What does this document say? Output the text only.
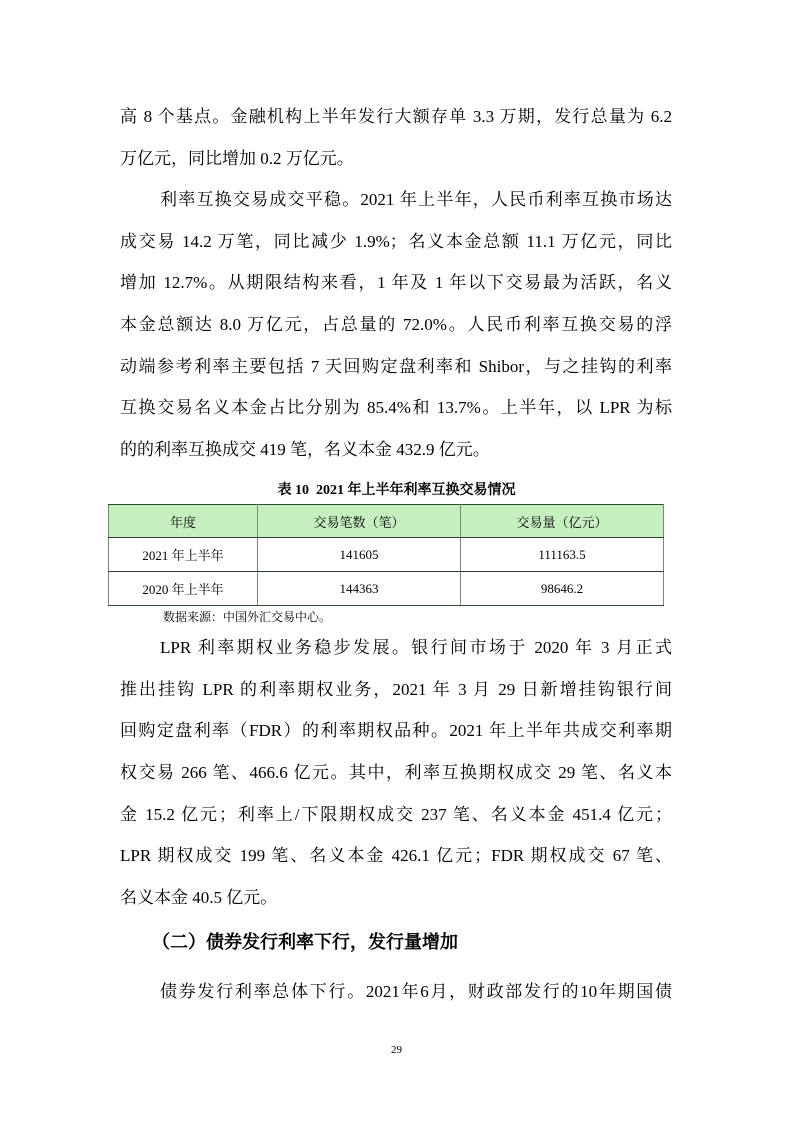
高 8 个基点。金融机构上半年发行大额存单 3.3 万期，发行总量为 6.2
万亿元，同比增加 0.2 万亿元。
利率互换交易成交平稳。2021 年上半年，人民币利率互换市场达
成交易 14.2 万笔，同比减少 1.9%；名义本金总额 11.1 万亿元，同比
增加 12.7%。从期限结构来看，1 年及 1 年以下交易最为活跃，名义
本金总额达 8.0 万亿元，占总量的 72.0%。人民币利率互换交易的浮
动端参考利率主要包括 7 天回购定盘利率和 Shibor，与之挂钩的利率
互换交易名义本金占比分别为 85.4%和 13.7%。上半年，以 LPR 为标
的的利率互换成交 419 笔，名义本金 432.9 亿元。
表 10  2021 年上半年利率互换交易情况
年度	交易笔数（笔）	交易量（亿元）
2021 年上半年	141605	111163.5
2020 年上半年	144363	98646.2
数据来源：中国外汇交易中心。
LPR 利率期权业务稳步发展。银行间市场于 2020 年 3 月正式
推出挂钩 LPR 的利率期权业务，2021 年 3 月 29 日新增挂钩银行间
回购定盘利率（FDR）的利率期权品种。2021 年上半年共成交利率期
权交易 266 笔、466.6 亿元。其中，利率互换期权成交 29 笔、名义本
金 15.2 亿元；利率上/下限期权成交 237 笔、名义本金 451.4 亿元；
LPR 期权成交 199 笔、名义本金 426.1 亿元；FDR 期权成交 67 笔、
名义本金 40.5 亿元。
（二）债券发行利率下行，发行量增加
债券发行利率总体下行。2021年6月，财政部发行的10年期国债
29
